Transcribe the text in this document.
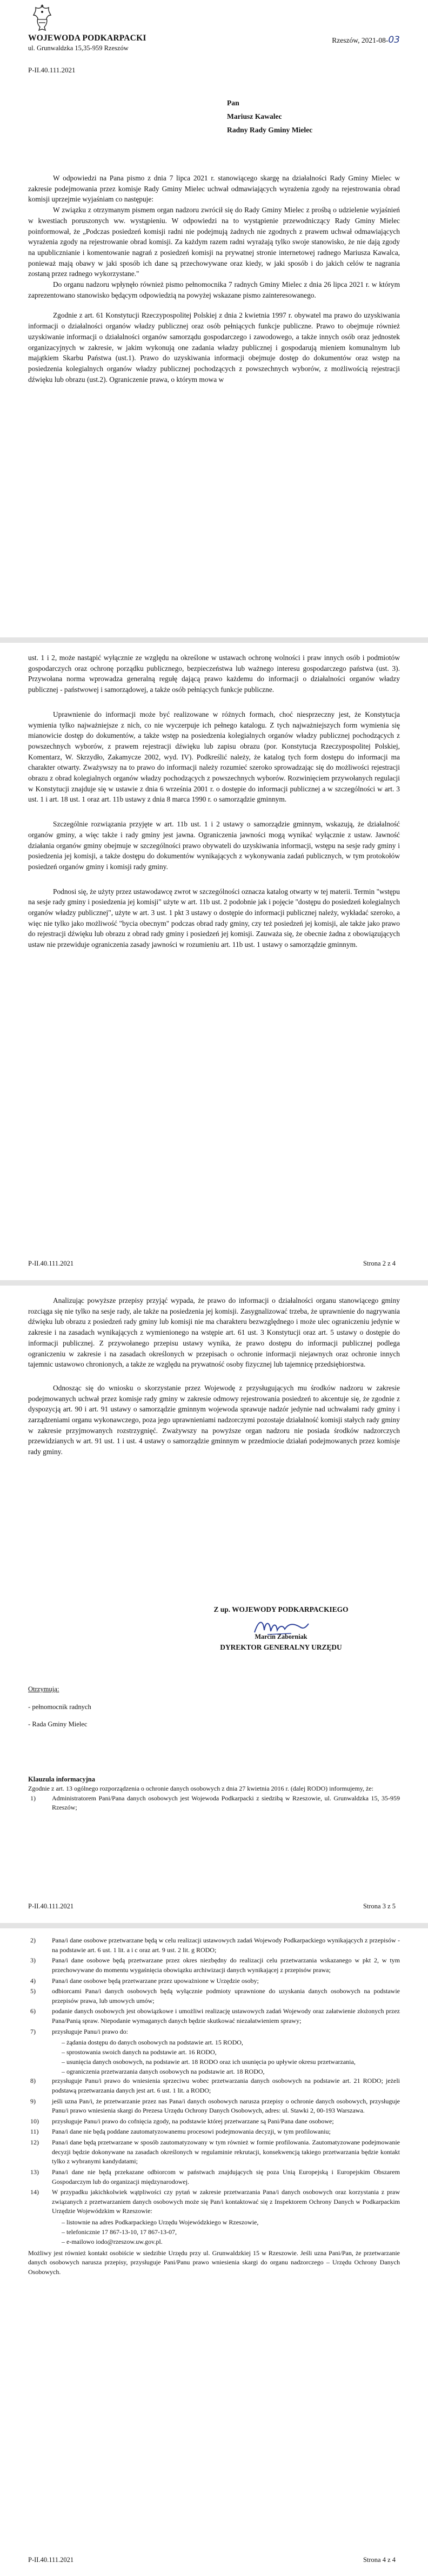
WOJEWODA PODKARPACKI
ul. Grunwaldzka 15,35-959 Rzeszów
P-II.40.111.2021
Rzeszów, 2021-08-03
Pan
Mariusz Kawalec
Radny Rady Gminy Mielec

W odpowiedzi na Pana pismo z dnia 7 lipca 2021 r. stanowiącego skargę na działalności Rady Gminy Mielec w zakresie podejmowania przez komisje Rady Gminy Mielec uchwał odmawiających wyrażenia zgody na rejestrowania obrad komisji uprzejmie wyjaśniam co następuje:

W związku z otrzymanym pismem organ nadzoru zwrócił się do Rady Gminy Mielec z prośbą o udzielenie wyjaśnień w kwestiach poruszonych ww. wystąpieniu. W odpowiedzi na to wystąpienie przewodniczący Rady Gminy Mielec poinformował, że „Podczas posiedzeń komisji radni nie podejmują żadnych nie zgodnych z prawem uchwał odmawiających wyrażenia zgody na rejestrowanie obrad komisji. Za każdym razem radni wyrażają tylko swoje stanowisko, że nie dają zgody na upublicznianie i komentowanie nagrań z posiedzeń komisji na prywatnej stronie internetowej radnego Mariusza Kawalca, ponieważ mają obawy w jaki sposób ich dane są przechowywane oraz kiedy, w jaki sposób i do jakich celów te nagrania zostaną przez radnego wykorzystane."

Do organu nadzoru wpłynęło również pismo pełnomocnika 7 radnych Gminy Mielec z dnia 26 lipca 2021 r. w którym zaprezentowano stanowisko będącym odpowiedzią na powyżej wskazane pismo zainteresowanego.

Zgodnie z art. 61 Konstytucji Rzeczypospolitej Polskiej z dnia 2 kwietnia 1997 r. obywatel ma prawo do uzyskiwania informacji o działalności organów władzy publicznej oraz osób pełniących funkcje publiczne. Prawo to obejmuje również uzyskiwanie informacji o działalności organów samorządu gospodarczego i zawodowego, a także innych osób oraz jednostek organizacyjnych w zakresie, w jakim wykonują one zadania władzy publicznej i gospodarują mieniem komunalnym lub majątkiem Skarbu Państwa (ust.1). Prawo do uzyskiwania informacji obejmuje dostęp do dokumentów oraz wstęp na posiedzenia kolegialnych organów władzy publicznej pochodzących z powszechnych wyborów, z możliwością rejestracji dźwięku lub obrazu (ust.2). Ograniczenie prawa, o którym mowa w

ust. 1 i 2, może nastąpić wyłącznie ze względu na określone w ustawach ochronę wolności i praw innych osób i podmiotów gospodarczych oraz ochronę porządku publicznego, bezpieczeństwa lub ważnego interesu gospodarczego państwa (ust. 3). Przywołana norma wprowadza generalną regułę dającą prawo każdemu do informacji o działalności organów władzy publicznej - państwowej i samorządowej, a także osób pełniących funkcje publiczne.

Uprawnienie do informacji może być realizowane w różnych formach, choć niesprzeczny jest, że Konstytucja wymienia tylko najważniejsze z nich, co nie wyczerpuje ich pełnego katalogu. Z tych najważniejszych form wymienia się mianowicie dostęp do dokumentów, a także wstęp na posiedzenia kolegialnych organów władzy publicznej pochodzących z powszechnych wyborów, z prawem rejestracji dźwięku lub zapisu obrazu (por. Konstytucja Rzeczypospolitej Polskiej, Komentarz, W. Skrzydło, Zakamycze 2002, wyd. IV). Podkreślić należy, że katalog tych form dostępu do informacji ma charakter otwarty. Zważywszy na to prawo do informacji należy rozumieć szeroko sprowadzając się do możliwości rejestracji obrazu z obrad kolegialnych organów władzy pochodzących z powszechnych wyborów. Rozwinięciem przywołanych regulacji w Konstytucji znajduje się w ustawie z dnia 6 września 2001 r. o dostępie do informacji publicznej a w szczególności w art. 3 ust. 1 i art. 18 ust. 1 oraz art. 11b ustawy z dnia 8 marca 1990 r. o samorządzie gminnym.

Szczególnie rozwiązania przyjęte w art. 11b ust. 1 i 2 ustawy o samorządzie gminnym, wskazują, że działalność organów gminy, a więc także i rady gminy jest jawna. Ograniczenia jawności mogą wynikać wyłącznie z ustaw. Jawność działania organów gminy obejmuje w szczególności prawo obywateli do uzyskiwania informacji, wstępu na sesje rady gminy i posiedzenia jej komisji, a także dostępu do dokumentów wynikających z wykonywania zadań publicznych, w tym protokołów posiedzeń organów gminy i komisji rady gminy.

Podnosi się, że użyty przez ustawodawcę zwrot w szczególności oznacza katalog otwarty w tej materii. Termin "wstępu na sesje rady gminy i posiedzenia jej komisji" użyte w art. 11b ust. 2 podobnie jak i pojęcie "dostępu do posiedzeń kolegialnych organów władzy publicznej", użyte w art. 3 ust. 1 pkt 3 ustawy o dostępie do informacji publicznej należy, wykładać szeroko, a więc nie tylko jako możliwość "bycia obecnym" podczas obrad rady gminy, czy też posiedzeń jej komisji, ale także jako prawo do rejestracji dźwięku lub obrazu z obrad rady gminy i posiedzeń jej komisji. Zauważa się, że obecnie żadna z obowiązujących ustaw nie przewiduje ograniczenia zasady jawności w rozumieniu art. 11b ust. 1 ustawy o samorządzie gminnym.

P-II.40.111.2021	Strona 2 z 4

Analizując powyższe przepisy przyjąć wypada, że prawo do informacji o działalności organu stanowiącego gminy rozciąga się nie tylko na sesje rady, ale także na posiedzenia jej komisji. Zasygnalizować trzeba, że uprawnienie do nagrywania dźwięku lub obrazu z posiedzeń rady gminy lub komisji nie ma charakteru bezwzględnego i może ulec ograniczeniu jedynie w zakresie i na zasadach wynikających z wymienionego na wstępie art. 61 ust. 3 Konstytucji oraz art. 5 ustawy o dostępie do informacji publicznej. Z przywołanego przepisu ustawy wynika, że prawo dostępu do informacji publicznej podlega ograniczeniu w zakresie i na zasadach określonych w przepisach o ochronie informacji niejawnych oraz ochronie innych tajemnic ustawowo chronionych, a także ze względu na prywatność osoby fizycznej lub tajemnicę przedsiębiorstwa.

Odnosząc się do wniosku o skorzystanie przez Wojewodę z przysługujących mu środków nadzoru w zakresie podejmowanych uchwał przez komisje rady gminy w zakresie odmowy rejestrowania posiedzeń to akcentuje się, że zgodnie z dyspozycją art. 90 i art. 91 ustawy o samorządzie gminnym wojewoda sprawuje nadzór jedynie nad uchwałami rady gminy i zarządzeniami organu wykonawczego, poza jego uprawnieniami nadzorczymi pozostaje działalność komisji stałych rady gminy w zakresie przyjmowanych rozstrzygnięć. Zważywszy na powyższe organ nadzoru nie posiada środków nadzorczych przewidzianych w art. 91 ust. 1 i ust. 4 ustawy o samorządzie gminnym w przedmiocie działań podejmowanych przez komisje rady gminy.

Z up. WOJEWODY PODKARPACKIEGO
Marcin Zaborniak
DYREKTOR GENERALNY URZĘDU
Otrzymują:
- pełnomocnik radnych
- Rada Gminy Mielec
Klauzula informacyjna
Zgodnie z art. 13 ogólnego rozporządzenia o ochronie danych osobowych z dnia 27 kwietnia 2016 r. (dalej RODO) informujemy, że:
1)	Administratorem Pani/Pana danych osobowych jest Wojewoda Podkarpacki z siedzibą w Rzeszowie, ul. Grunwaldzka 15, 35-959 Rzeszów;
P-II.40.111.2021	Strona 3 z 5
2)	Pana/i dane osobowe przetwarzane będą w celu realizacji ustawowych zadań Wojewody Podkarpackiego wynikających z przepisów - na podstawie art. 6 ust. 1 lit. a i c oraz art. 9 ust. 2 lit. g RODO;
3)	Pana/i dane osobowe będą przetwarzane przez okres niezbędny do realizacji celu przetwarzania wskazanego w pkt 2, w tym przechowywane do momentu wygaśnięcia obowiązku archiwizacji danych wynikającej z przepisów prawa;
4)	Pana/i dane osobowe będą przetwarzane przez upoważnione w Urzędzie osoby;
5)	odbiorcami Pana/i danych osobowych będą wyłącznie podmioty uprawnione do uzyskania danych osobowych na podstawie przepisów prawa, lub umowych umów;
6)	podanie danych osobowych jest obowiązkowe i umożliwi realizację ustawowych zadań Wojewody oraz załatwienie złożonych przez Pana/Panią spraw. Niepodanie wymaganych danych będzie skutkować niezałatwieniem sprawy;
7)	przysługuje Panu/i prawo do:
– żądania dostępu do danych osobowych na podstawie art. 15 RODO,
– sprostowania swoich danych na podstawie art. 16 RODO,
– usunięcia danych osobowych, na podstawie art. 18 RODO oraz ich usunięcia po upływie okresu przetwarzania,
– ograniczenia przetwarzania danych osobowych na podstawie art. 18 RODO,
8)	przysługuje Panu/i prawo do wniesienia sprzeciwu wobec przetwarzania danych osobowych na podstawie art. 21 RODO; jeżeli podstawą przetwarzania danych jest art. 6 ust. 1 lit. a RODO;
9)	jeśli uzna Pan/i, że przetwarzanie przez nas Pana/i danych osobowych narusza przepisy o ochronie danych osobowych, przysługuje Panu/i prawo wniesienia skargi do Prezesa Urzędu Ochrony Danych Osobowych, adres: ul. Stawki 2, 00-193 Warszawa.
10)	przysługuje Panu/i prawo do cofnięcia zgody, na podstawie której przetwarzane są Pani/Pana dane osobowe;
11)	Pana/i dane nie będą poddane zautomatyzowanemu procesowi podejmowania decyzji, w tym profilowaniu;
12)	Pana/i dane będą przetwarzane w sposób zautomatyzowany w tym również w formie profilowania. Zautomatyzowane podejmowanie decyzji będzie dokonywane na zasadach określonych w regulaminie rekrutacji, konsekwencją takiego przetwarzania będzie kontakt tylko z wybranymi kandydatami;
13)	Pana/i dane nie będą przekazane odbiorcom w państwach znajdujących się poza Unią Europejską i Europejskim Obszarem Gospodarczym lub do organizacji międzynarodowej.
14)	W przypadku jakichkolwiek wątpliwości czy pytań w zakresie przetwarzania Pana/i danych osobowych oraz korzystania z praw związanych z przetwarzaniem danych osobowych może się Pan/i kontaktować się z Inspektorem Ochrony Danych w Podkarpackim Urzędzie Wojewódzkim w Rzeszowie:
– listownie na adres Podkarpackiego Urzędu Wojewódzkiego w Rzeszowie,
– telefonicznie 17 867-13-10, 17 867-13-07,
– e-mailowo iodo@rzeszow.uw.gov.pl.

Możliwy jest również kontakt osobiście w siedzibie Urzędu przy ul. Grunwaldzkiej 15 w Rzeszowie. Jeśli uzna Pani/Pan, że przetwarzanie danych osobowych narusza przepisy, przysługuje Pani/Panu prawo wniesienia skargi do organu nadzorczego – Urzędu Ochrony Danych Osobowych.

P-II.40.111.2021	Strona 4 z 4
